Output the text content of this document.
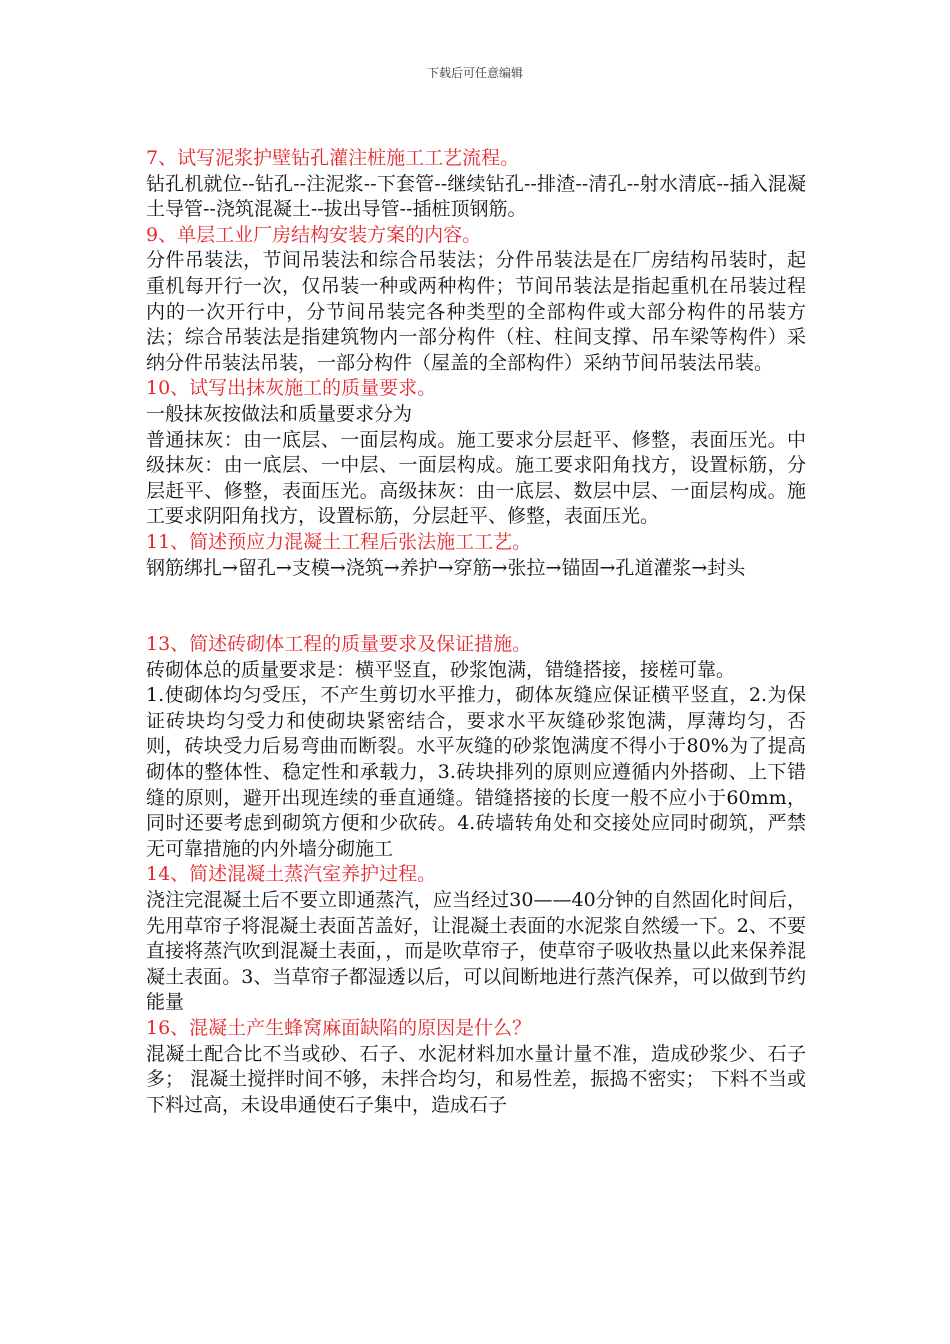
下载后可任意编辑

7、试写泥浆护壁钻孔灌注桩施工工艺流程。

钻孔机就位--钻孔--注泥浆--下套管--继续钻孔--排渣--清孔--射水清底--插入混凝土导管--浇筑混凝土--拔出导管--插桩顶钢筋。

9、单层工业厂房结构安装方案的内容。

分件吊装法，节间吊装法和综合吊装法；分件吊装法是在厂房结构吊装时，起重机每开行一次，仅吊装一种或两种构件；节间吊装法是指起重机在吊装过程内的一次开行中，分节间吊装完各种类型的全部构件或大部分构件的吊装方法；综合吊装法是指建筑物内一部分构件（柱、柱间支撑、吊车梁等构件）采纳分件吊装法吊装，一部分构件（屋盖的全部构件）采纳节间吊装法吊装。

10、试写出抹灰施工的质量要求。

一般抹灰按做法和质量要求分为

普通抹灰：由一底层、一面层构成。施工要求分层赶平、修整，表面压光。中级抹灰：由一底层、一中层、一面层构成。施工要求阳角找方，设置标筋，分层赶平、修整，表面压光。高级抹灰：由一底层、数层中层、一面层构成。施工要求阴阳角找方，设置标筋，分层赶平、修整，表面压光。

11、简述预应力混凝土工程后张法施工工艺。

钢筋绑扎→留孔→支模→浇筑→养护→穿筋→张拉→锚固→孔道灌浆→封头

13、简述砖砌体工程的质量要求及保证措施。

砖砌体总的质量要求是：横平竖直，砂浆饱满，错缝搭接，接槎可靠。

1.使砌体均匀受压，不产生剪切水平推力，砌体灰缝应保证横平竖直，2.为保证砖块均匀受力和使砌块紧密结合，要求水平灰缝砂浆饱满，厚薄均匀，否则，砖块受力后易弯曲而断裂。水平灰缝的砂浆饱满度不得小于80%为了提高砌体的整体性、稳定性和承载力，3.砖块排列的原则应遵循内外搭砌、上下错缝的原则，避开出现连续的垂直通缝。错缝搭接的长度一般不应小于60mm，同时还要考虑到砌筑方便和少砍砖。4.砖墙转角处和交接处应同时砌筑，严禁无可靠措施的内外墙分砌施工

14、简述混凝土蒸汽室养护过程。

浇注完混凝土后不要立即通蒸汽，应当经过30——40分钟的自然固化时间后，先用草帘子将混凝土表面苫盖好，让混凝土表面的水泥浆自然缓一下。2、不要直接将蒸汽吹到混凝土表面，，而是吹草帘子，使草帘子吸收热量以此来保养混凝土表面。3、当草帘子都湿透以后，可以间断地进行蒸汽保养，可以做到节约能量

16、混凝土产生蜂窝麻面缺陷的原因是什么？

混凝土配合比不当或砂、石子、水泥材料加水量计量不准，造成砂浆少、石子多； 混凝土搅拌时间不够，未拌合均匀，和易性差，振捣不密实； 下料不当或下料过高，未设串通使石子集中，造成石子
